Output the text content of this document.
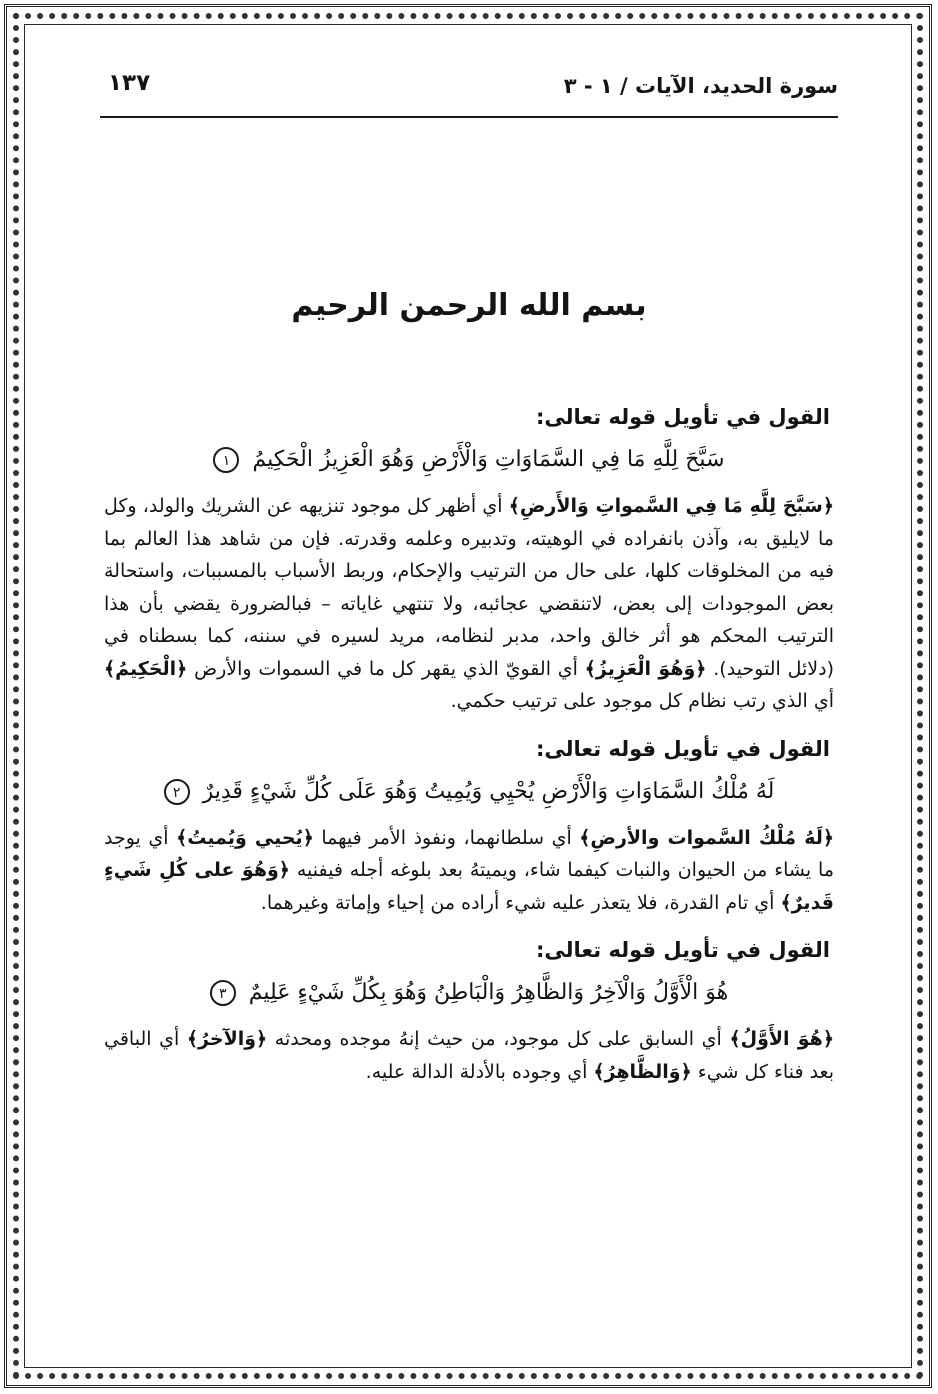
سورة الحديد، الآيات / ١ - ٣
١٣٧
بسم الله الرحمن الرحيم
القول في تأويل قوله تعالى:
سَبَّحَ لِلَّهِ مَا فِي السَّمَاوَاتِ وَالْأَرْضِ وَهُوَ الْعَزِيزُ الْحَكِيمُ ١

﴿سَبَّحَ لِلَّهِ مَا فِي السَّمواتِ وَالأَرضِ﴾ أي أظهر كل موجود تنزيهه عن الشريك والولد، وكل ما لايليق به، وآذن بانفراده في الوهيته، وتدبيره وعلمه وقدرته. فإن من شاهد هذا العالم بما فيه من المخلوقات كلها، على حال من الترتيب والإحكام، وربط الأسباب بالمسببات، واستحالة بعض الموجودات إلى بعض، لاتنقضي عجائبه، ولا تنتهي غاياته – فبالضرورة يقضي بأن هذا الترتيب المحكم هو أثر خالق واحد، مدبر لنظامه، مريد لسيره في سننه، كما بسطناه في (دلائل التوحيد). ﴿وَهُوَ الْعَزِيزُ﴾ أي القويّ الذي يقهر كل ما في السموات والأرض ﴿الْحَكِيمُ﴾ أي الذي رتب نظام كل موجود على ترتيب حكمي.

القول في تأويل قوله تعالى:
لَهُ مُلْكُ السَّمَاوَاتِ وَالْأَرْضِ يُحْيِي وَيُمِيتُ وَهُوَ عَلَى كُلِّ شَيْءٍ قَدِيرٌ ٢

﴿لَهُ مُلْكُ السَّموات والأرضِ﴾ أي سلطانهما، ونفوذ الأمر فيهما ﴿يُحيي وَيُميتُ﴾ أي يوجد ما يشاء من الحيوان والنبات كيفما شاء، ويميتهُ بعد بلوغه أجله فيفنيه ﴿وَهُوَ على كُلِ شَيءٍ قَديرٌ﴾ أي تام القدرة، فلا يتعذر عليه شيء أراده من إحياء وإماتة وغيرهما.

القول في تأويل قوله تعالى:
هُوَ الْأَوَّلُ وَالْآخِرُ وَالظَّاهِرُ وَالْبَاطِنُ وَهُوَ بِكُلِّ شَيْءٍ عَلِيمٌ ٣

﴿هُوَ الأَوَّلُ﴾ أي السابق على كل موجود، من حيث إنهُ موجده ومحدثه ﴿وَالآخرُ﴾ أي الباقي بعد فناء كل شيء ﴿وَالظَّاهِرُ﴾ أي وجوده بالأدلة الدالة عليه.
